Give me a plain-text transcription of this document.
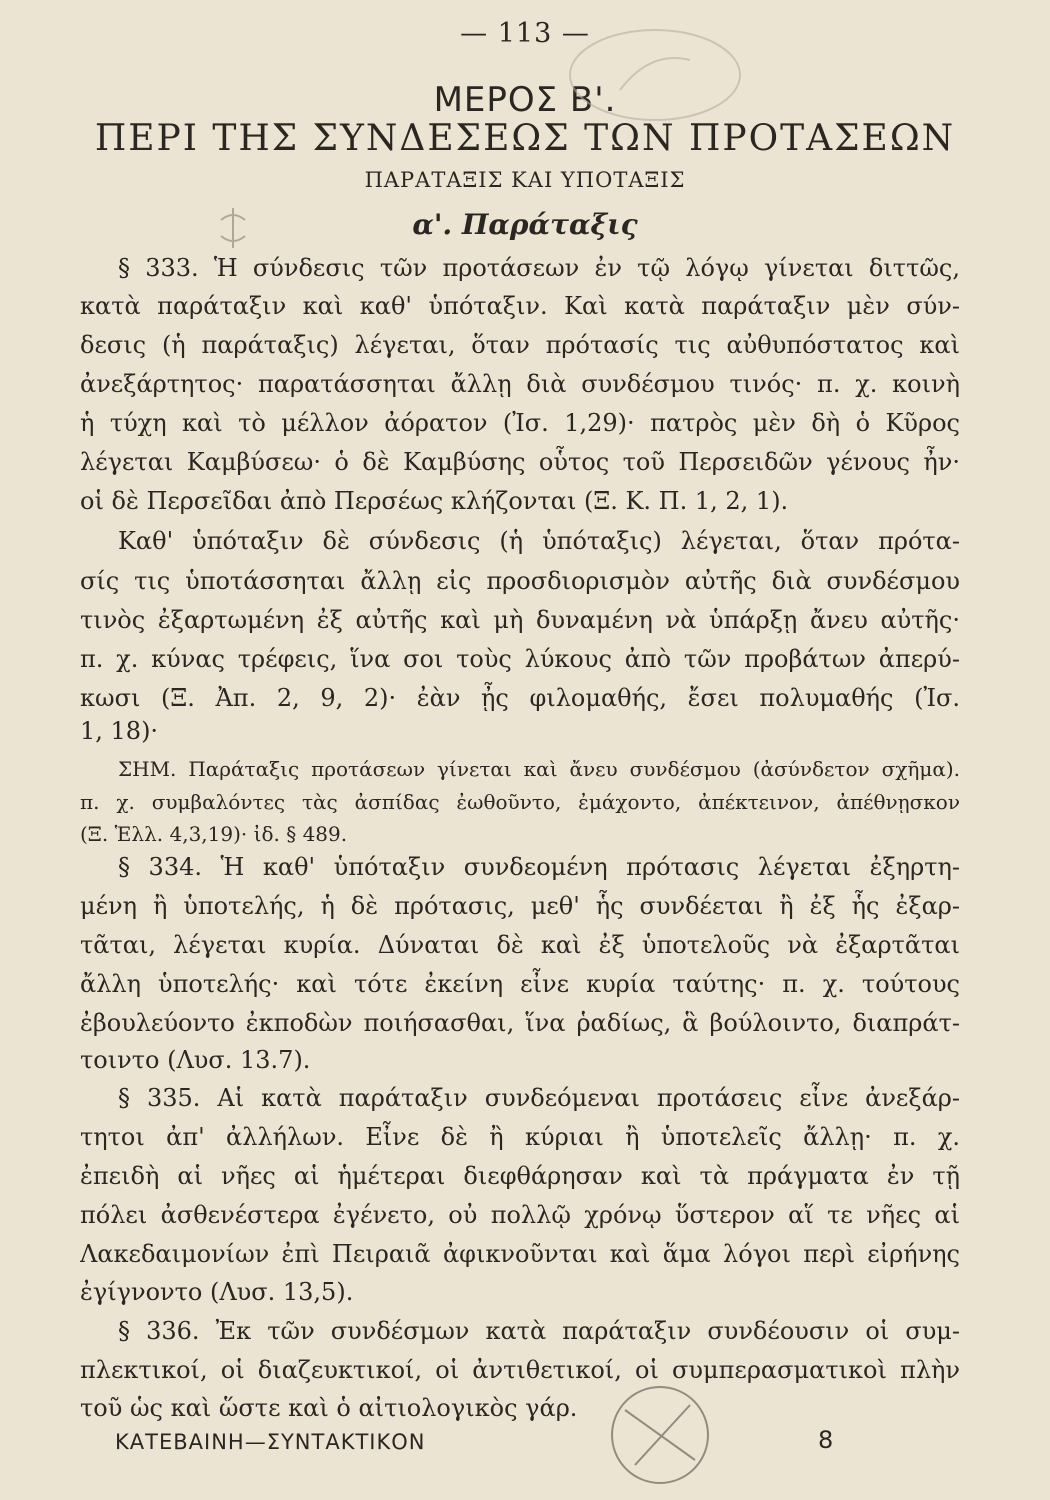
— 113 —
ΜΕΡΟΣ Β'.
ΠΕΡΙ ΤΗΣ ΣΥΝΔΕΣΕΩΣ ΤΩΝ ΠΡΟΤΑΣΕΩΝ
ΠΑΡΑΤΑΞΙΣ ΚΑΙ ΥΠΟΤΑΞΙΣ
α'. Παράταξις
§ 333. Ἡ σύνδεσις τῶν προτάσεων ἐν τῷ λόγῳ γίνεται διττῶς,
κατὰ παράταξιν καὶ καθ' ὑπόταξιν. Καὶ κατὰ παράταξιν μὲν σύν-
δεσις (ἡ παράταξις) λέγεται, ὅταν πρότασίς τις αὐθυπόστατος καὶ
ἀνεξάρτητος· παρατάσσηται ἄλλῃ διὰ συνδέσμου τινός· π. χ. κοινὴ
ἡ τύχη καὶ τὸ μέλλον ἀόρατον (Ἰσ. 1,29)· πατρὸς μὲν δὴ ὁ Κῦρος
λέγεται Καμβύσεω· ὁ δὲ Καμβύσης οὗτος τοῦ Περσειδῶν γένους ἦν·
οἱ δὲ Περσεῖδαι ἀπὸ Περσέως κλήζονται (Ξ. Κ. Π. 1, 2, 1).
Καθ' ὑπόταξιν δὲ σύνδεσις (ἡ ὑπόταξις) λέγεται, ὅταν πρότα-
σίς τις ὑποτάσσηται ἄλλῃ εἰς προσδιορισμὸν αὐτῆς διὰ συνδέσμου
τινὸς ἐξαρτωμένη ἐξ αὐτῆς καὶ μὴ δυναμένη νὰ ὑπάρξῃ ἄνευ αὐτῆς·
π. χ. κύνας τρέφεις, ἵνα σοι τοὺς λύκους ἀπὸ τῶν προβάτων ἀπερύ-
κωσι (Ξ. Ἀπ. 2, 9, 2)· ἐὰν ᾖς φιλομαθής, ἔσει πολυμαθής (Ἰσ.
1, 18)·
ΣΗΜ. Παράταξις προτάσεων γίνεται καὶ ἄνευ συνδέσμου (ἀσύνδετον σχῆμα).
π. χ. συμβαλόντες τὰς ἀσπίδας ἐωθοῦντο, ἐμάχοντο, ἀπέκτεινον, ἀπέθνῃσκον
(Ξ. Ἑλλ. 4,3,19)· ἰδ. § 489.
§ 334. Ἡ καθ' ὑπόταξιν συνδεομένη πρότασις λέγεται ἐξηρτη-
μένη ἢ ὑποτελής, ἡ δὲ πρότασις, μεθ' ἧς συνδέεται ἢ ἐξ ἧς ἐξαρ-
τᾶται, λέγεται κυρία. Δύναται δὲ καὶ ἐξ ὑποτελοῦς νὰ ἐξαρτᾶται
ἄλλη ὑποτελής· καὶ τότε ἐκείνη εἶνε κυρία ταύτης· π. χ. τούτους
ἐβουλεύοντο ἐκποδὼν ποιήσασθαι, ἵνα ῥαδίως, ἃ βούλοιντο, διαπράτ-
τοιντο (Λυσ. 13.7).
§ 335. Αἱ κατὰ παράταξιν συνδεόμεναι προτάσεις εἶνε ἀνεξάρ-
τητοι ἀπ' ἀλλήλων. Εἶνε δὲ ἢ κύριαι ἢ ὑποτελεῖς ἄλλῃ· π. χ.
ἐπειδὴ αἱ νῆες αἱ ἡμέτεραι διεφθάρησαν καὶ τὰ πράγματα ἐν τῇ
πόλει ἀσθενέστερα ἐγένετο, οὐ πολλῷ χρόνῳ ὕστερον αἵ τε νῆες αἱ
Λακεδαιμονίων ἐπὶ Πειραιᾶ ἀφικνοῦνται καὶ ἅμα λόγοι περὶ εἰρήνης
ἐγίγνοντο (Λυσ. 13,5).
§ 336. Ἐκ τῶν συνδέσμων κατὰ παράταξιν συνδέουσιν οἱ συμ-
πλεκτικοί, οἱ διαζευκτικοί, οἱ ἀντιθετικοί, οἱ συμπερασματικοὶ πλὴν
τοῦ ὡς καὶ ὥστε καὶ ὁ αἰτιολογικὸς γάρ.
ΚΑΤΕΒΑΙΝΗ—ΣΥΝΤΑΚΤΙΚΟΝ	8
